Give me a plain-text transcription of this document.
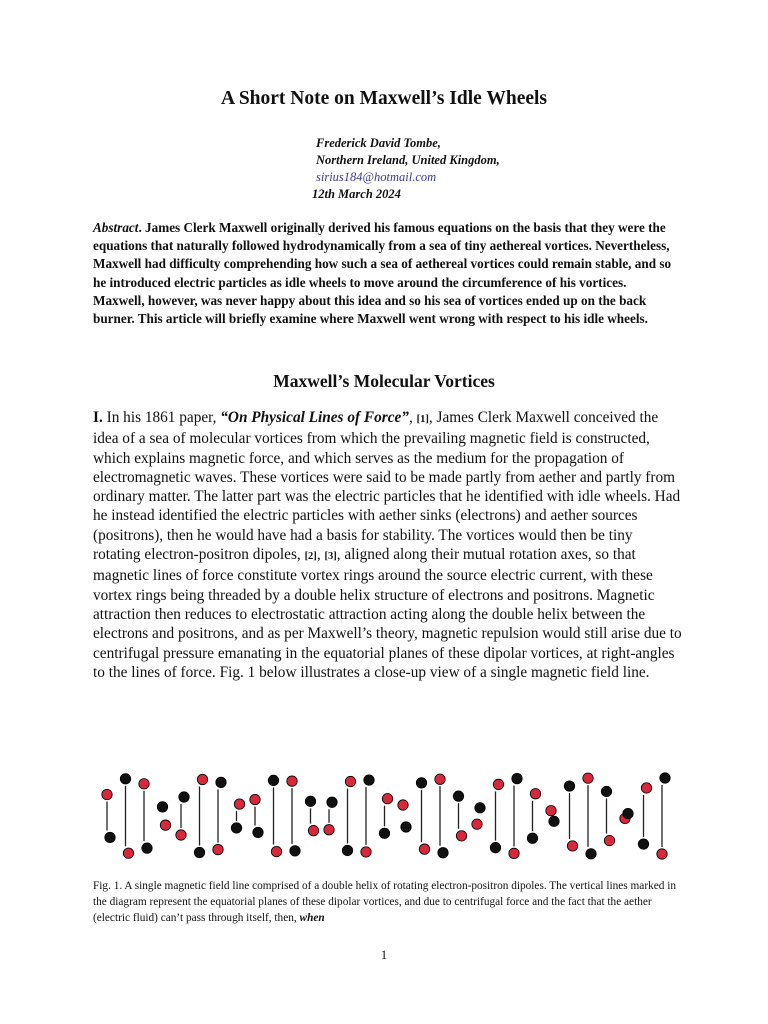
A Short Note on Maxwell’s Idle Wheels
Frederick David Tombe,
Northern Ireland, United Kingdom,
sirius184@hotmail.com
12th March 2024
Abstract. James Clerk Maxwell originally derived his famous equations on the basis that they were the equations that naturally followed hydrodynamically from a sea of tiny aethereal vortices. Nevertheless, Maxwell had difficulty comprehending how such a sea of aethereal vortices could remain stable, and so he introduced electric particles as idle wheels to move around the circumference of his vortices. Maxwell, however, was never happy about this idea and so his sea of vortices ended up on the back burner. This article will briefly examine where Maxwell went wrong with respect to his idle wheels.
Maxwell’s Molecular Vortices
I. In his 1861 paper, “On Physical Lines of Force”, [1], James Clerk Maxwell conceived the idea of a sea of molecular vortices from which the prevailing magnetic field is constructed, which explains magnetic force, and which serves as the medium for the propagation of electromagnetic waves. These vortices were said to be made partly from aether and partly from ordinary matter. The latter part was the electric particles that he identified with idle wheels. Had he instead identified the electric particles with aether sinks (electrons) and aether sources (positrons), then he would have had a basis for stability. The vortices would then be tiny rotating electron-positron dipoles, [2], [3], aligned along their mutual rotation axes, so that magnetic lines of force constitute vortex rings around the source electric current, with these vortex rings being threaded by a double helix structure of electrons and positrons. Magnetic attraction then reduces to electrostatic attraction acting along the double helix between the electrons and positrons, and as per Maxwell’s theory, magnetic repulsion would still arise due to centrifugal pressure emanating in the equatorial planes of these dipolar vortices, at right-angles to the lines of force. Fig. 1 below illustrates a close-up view of a single magnetic field line.
Fig. 1. A single magnetic field line comprised of a double helix of rotating electron-positron dipoles. The vertical lines marked in the diagram represent the equatorial planes of these dipolar vortices, and due to centrifugal force and the fact that the aether (electric fluid) can’t pass through itself, then, when
1
